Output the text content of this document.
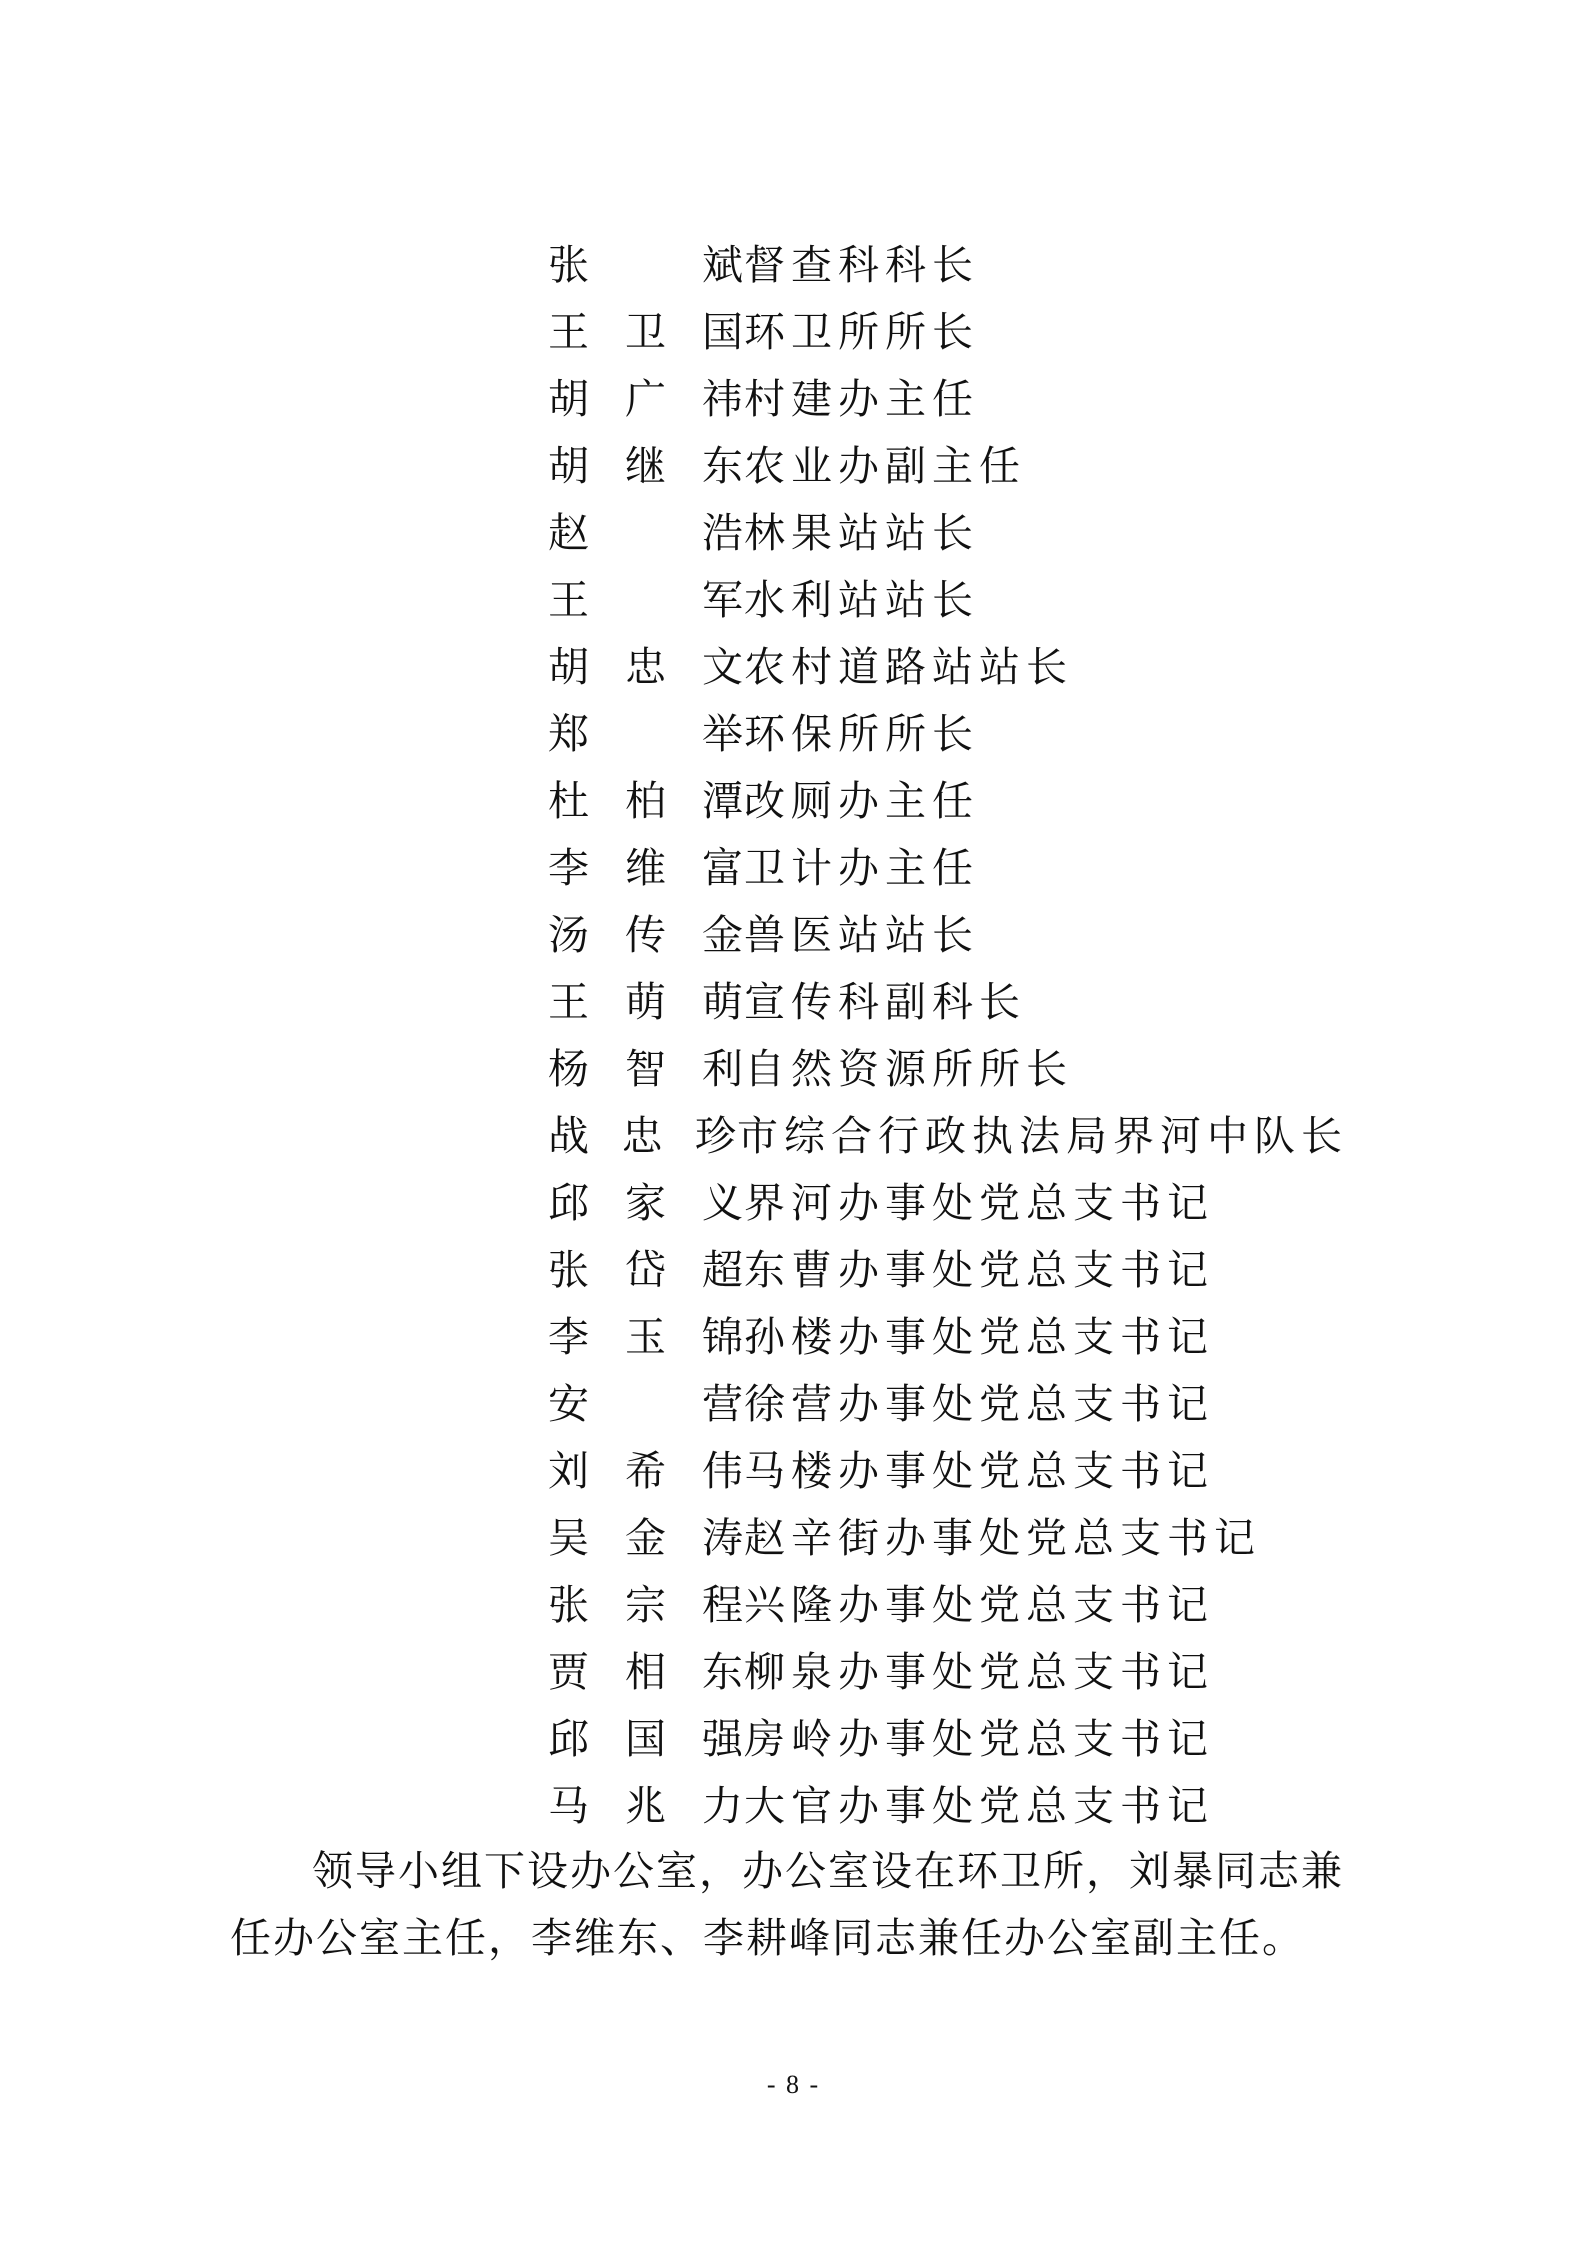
张 斌 督查科科长
王卫国 环卫所所长
胡广祎 村建办主任
胡继东 农业办副主任
赵 浩 林果站站长
王 军 水利站站长
胡忠文 农村道路站站长
郑 举 环保所所长
杜柏潭 改厕办主任
李维富 卫计办主任
汤传金 兽医站站长
王萌萌 宣传科副科长
杨智利 自然资源所所长
战忠珍 市综合行政执法局界河中队长
邱家义 界河办事处党总支书记
张岱超 东曹办事处党总支书记
李玉锦 孙楼办事处党总支书记
安 营 徐营办事处党总支书记
刘希伟 马楼办事处党总支书记
吴金涛 赵辛街办事处党总支书记
张宗程 兴隆办事处党总支书记
贾相东 柳泉办事处党总支书记
邱国强 房岭办事处党总支书记
马兆力 大官办事处党总支书记
领导小组下设办公室，办公室设在环卫所，刘暴同志兼
任办公室主任，李维东、李耕峰同志兼任办公室副主任。
- 8 -
